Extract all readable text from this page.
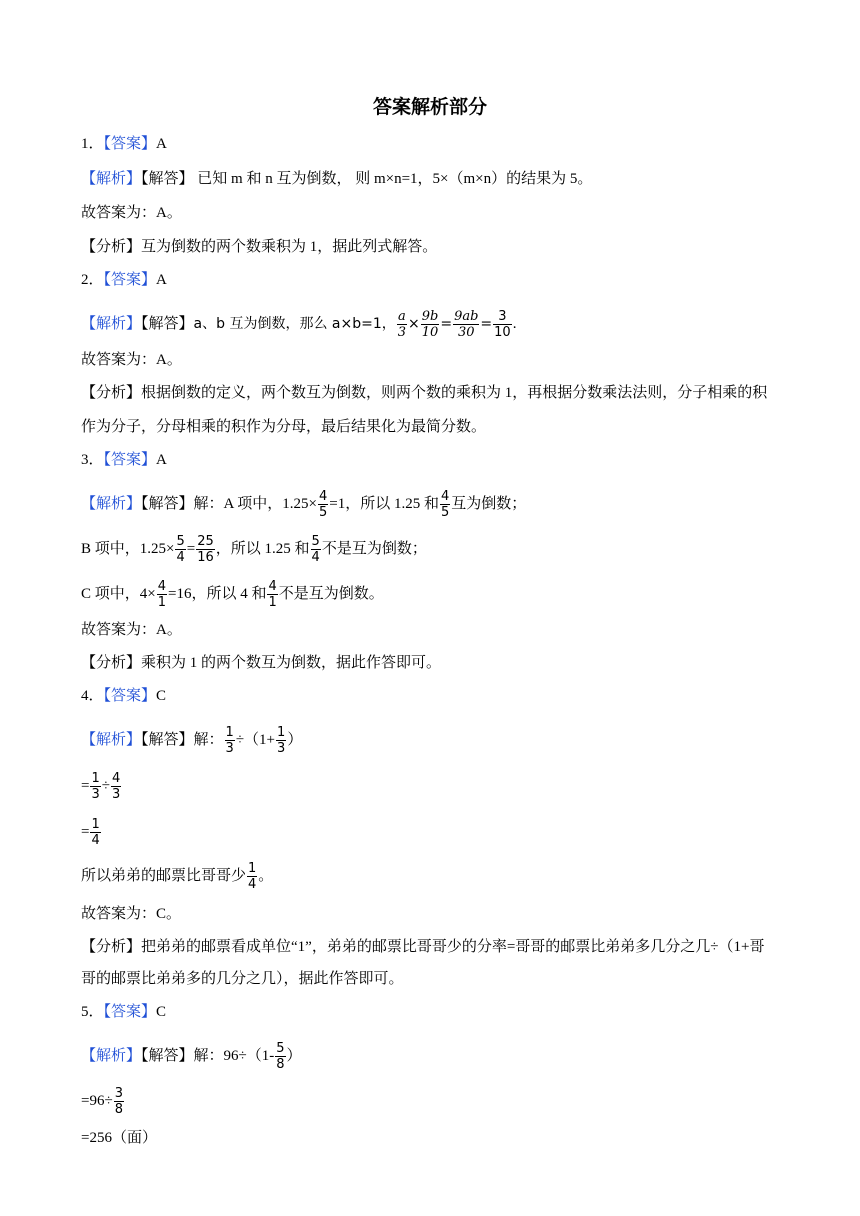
答案解析部分
1．【答案】A
【解析】【解答】 已知 m 和 n 互为倒数， 则 m×n=1，5×（m×n）的结果为 5。
故答案为：A。
【分析】互为倒数的两个数乘积为 1，据此列式解答。
2．【答案】A
【解析】【解答】a、b 互为倒数，那么 a×b=1， $\frac{a}{3} \times \frac{9b}{10} = \frac{9ab}{30} = \frac{3}{10}$ .
故答案为：A。
【分析】根据倒数的定义，两个数互为倒数，则两个数的乘积为 1，再根据分数乘法法则，分子相乘的积
作为分子，分母相乘的积作为分母，最后结果化为最简分数。
3．【答案】A
【解析】【解答】解：A 项中，$1.25\times \frac{4}{5} =1$，所以 1.25 和 $\frac{4}{5}$ 互为倒数；
B 项中，$1.25\times \frac{5}{4} = \frac{25}{16}$ ，所以 1.25 和 $\frac{5}{4}$ 不是互为倒数；
C 项中，$4\times \frac{4}{1} =16$，所以 4 和 $\frac{4}{1}$ 不是互为倒数。
故答案为：A。
【分析】乘积为 1 的两个数互为倒数，据此作答即可。
4．【答案】C
【解析】【解答】解： $\frac{1}{3} \div(1+ \frac{1}{3}$ ）
= $\frac{1}{3} \div \frac{4}{3}$
= $\frac{1}{4}$
所以弟弟的邮票比哥哥少 $\frac{1}{4}$ 。
故答案为：C。
【分析】把弟弟的邮票看成单位“1”，弟弟的邮票比哥哥少的分率=哥哥的邮票比弟弟多几分之几÷（1+哥
哥的邮票比弟弟多的几分之几），据此作答即可。
5．【答案】C
【解析】【解答】解：$96\div(1- \frac{5}{8}$ ）
$=96\div \frac{3}{8}$
=256（面）
